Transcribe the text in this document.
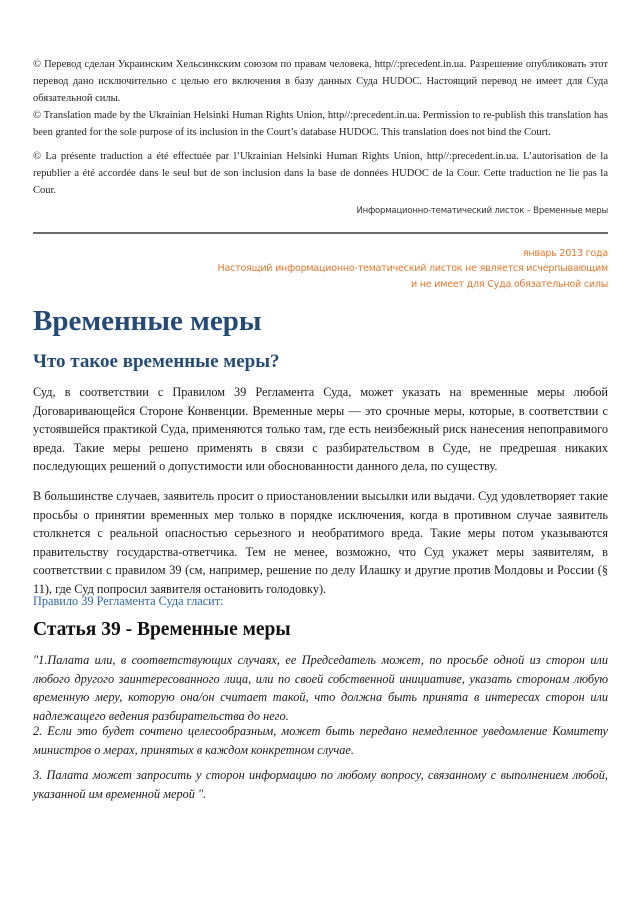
© Перевод сделан Украинским Хельсинкским союзом по правам человека, http//:precedent.in.ua. Разрешение опубликовать этот перевод дано исключительно с целью его включения в базу данных Суда HUDOC. Настоящий перевод не имеет для Суда обязательной силы.

© Translation made by the Ukrainian Helsinki Human Rights Union, http//:precedent.in.ua. Permission to re-publish this translation has been granted for the sole purpose of its inclusion in the Court’s database HUDOC. This translation does not bind the Court.

© La présente traduction a été effectuée par l’Ukrainian Helsinki Human Rights Union, http//:precedent.in.ua. L’autorisation de la republier a été accordée dans le seul but de son inclusion dans la base de données HUDOC de la Cour. Cette traduction ne lie pas la Cour.

Информационно-тематический листок – Временные меры
январь 2013 года
Настоящий информационно-тематический листок не является исчерпывающим
и не имеет для Суда обязательной силы
Временные меры
Что такое временные меры?

Суд, в соответствии с Правилом 39 Регламента Суда, может указать на временные меры любой Договаривающейся Стороне Конвенции. Временные меры — это срочные меры, которые, в соответствии с устоявшейся практикой Суда, применяются только там, где есть неизбежный риск нанесения непоправимого вреда. Такие меры решено применять в связи с разбирательством в Суде, не предрешая никаких последующих решений о допустимости или обоснованности данного дела, по существу.

В большинстве случаев, заявитель просит о приостановлении высылки или выдачи. Суд удовлетворяет такие просьбы о принятии временных мер только в порядке исключения, когда в противном случае заявитель столкнется с реальной опасностью серьезного и необратимого вреда. Такие меры потом указываются правительству государства-ответчика. Тем не менее, возможно, что Суд укажет меры заявителям, в соответствии с правилом 39 (см, например, решение по делу Илашку и другие против Молдовы и России (§ 11), где Суд попросил заявителя остановить голодовку).

Правило 39 Регламента Суда гласит:

Статья 39 - Временные меры

"1.Палата или, в соответствующих случаях, ее Председатель может, по просьбе одной из сторон или любого другого заинтересованного лица, или по своей собственной инициативе, указать сторонам любую временную меру, которую она/он считает такой, что должна быть принята в интересах сторон или надлежащего ведения разбирательства до него.

2. Если это будет сочтено целесообразным, может быть передано немедленное уведомление Комитету министров о мерах, принятых в каждом конкретном случае.

3. Палата может запросить у сторон информацию по любому вопросу, связанному с выполнением любой, указанной им временной мерой ".
